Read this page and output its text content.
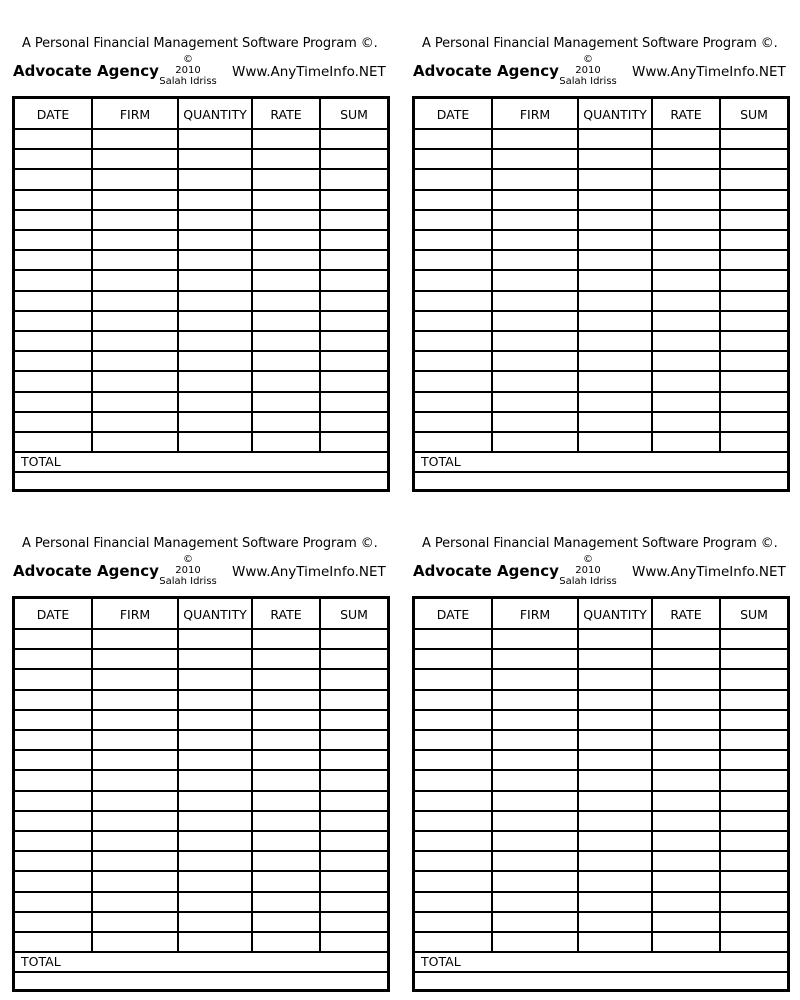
A Personal Financial Management Software Program ©.
Advocate Agency
©
2010
Salah Idriss
Www.AnyTimeInfo.NET
DATE	FIRM	QUANTITY	RATE	SUM
TOTAL
A Personal Financial Management Software Program ©.
Advocate Agency
©
2010
Salah Idriss
Www.AnyTimeInfo.NET
DATE	FIRM	QUANTITY	RATE	SUM
TOTAL
A Personal Financial Management Software Program ©.
Advocate Agency
©
2010
Salah Idriss
Www.AnyTimeInfo.NET
DATE	FIRM	QUANTITY	RATE	SUM
TOTAL
A Personal Financial Management Software Program ©.
Advocate Agency
©
2010
Salah Idriss
Www.AnyTimeInfo.NET
DATE	FIRM	QUANTITY	RATE	SUM
TOTAL
